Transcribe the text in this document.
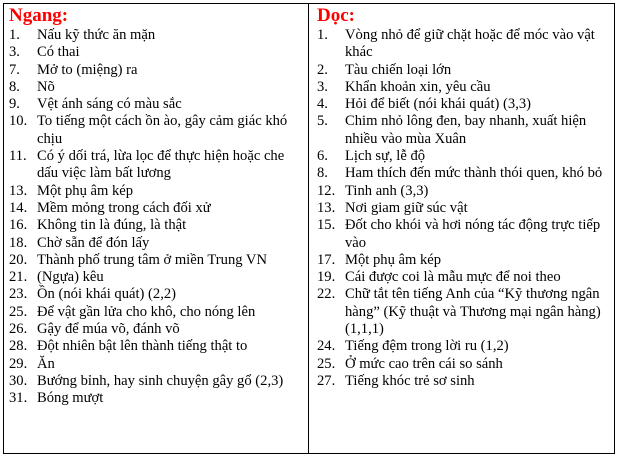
Ngang:
1. Nấu kỹ thức ăn mặn
3. Có thai
7. Mở to (miệng) ra
8. Nõ
9. Vệt ánh sáng có màu sắc
10. To tiếng một cách ồn ào, gây cảm giác khó chịu
11. Có ý dối trá, lừa lọc để thực hiện hoặc che dấu việc làm bất lương
13. Một phụ âm kép
14. Mềm mỏng trong cách đối xử
16. Không tin là đúng, là thật
18. Chờ sẵn để đón lấy
20. Thành phố trung tâm ở miền Trung VN
21. (Ngựa) kêu
23. Ồn (nói khái quát) (2,2)
25. Để vật gần lửa cho khô, cho nóng lên
26. Gậy để múa võ, đánh võ
28. Đột nhiên bật lên thành tiếng thật to
29. Ăn
30. Bướng bỉnh, hay sinh chuyện gây gổ (2,3)
31. Bóng mượt
Dọc:
1. Vòng nhỏ để giữ chặt hoặc để móc vào vật khác
2. Tàu chiến loại lớn
3. Khẩn khoản xin, yêu cầu
4. Hỏi để biết (nói khái quát) (3,3)
5. Chim nhỏ lông đen, bay nhanh, xuất hiện nhiều vào mùa Xuân
6. Lịch sự, lễ độ
8. Ham thích đến mức thành thói quen, khó bỏ
12. Tinh anh (3,3)
13. Nơi giam giữ súc vật
15. Đốt cho khói và hơi nóng tác động trực tiếp vào
17. Một phụ âm kép
19. Cái được coi là mẫu mực để noi theo
22. Chữ tắt tên tiếng Anh của “Kỹ thương ngân hàng” (Kỹ thuật và Thương mại ngân hàng) (1,1,1)
24. Tiếng đệm trong lời ru (1,2)
25. Ở mức cao trên cái so sánh
27. Tiếng khóc trẻ sơ sinh
